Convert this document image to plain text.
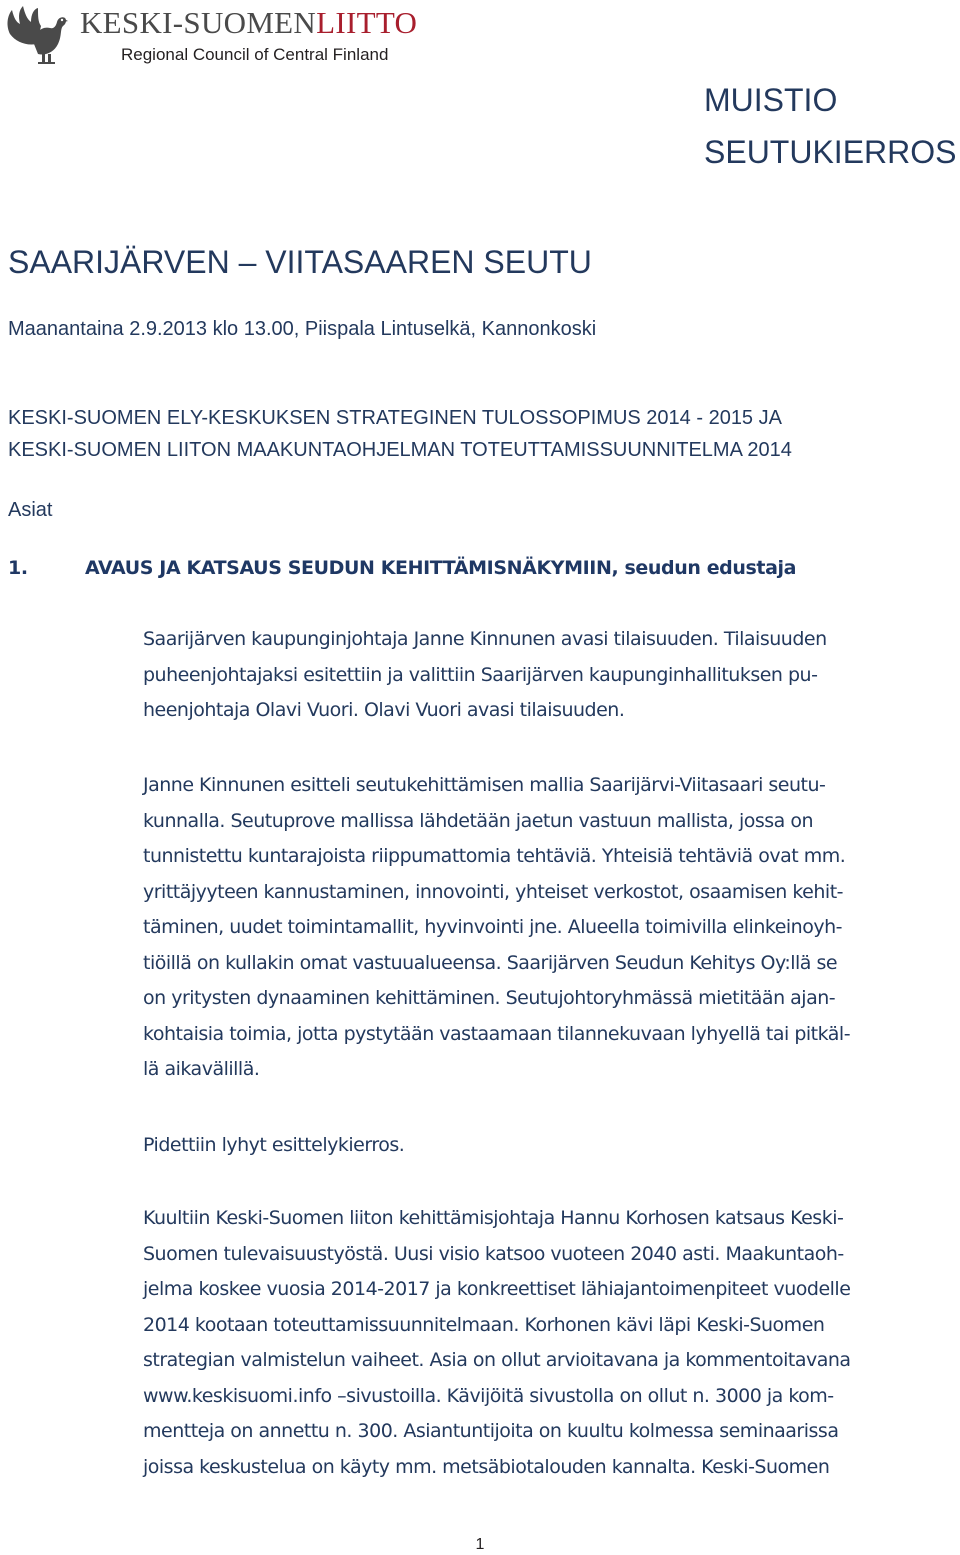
KESKI-SUOMENLIITTO
Regional Council of Central Finland
MUISTIO
SEUTUKIERROS
SAARIJÄRVEN – VIITASAAREN SEUTU
Maanantaina 2.9.2013 klo 13.00, Piispala Lintuselkä, Kannonkoski
KESKI-SUOMEN ELY-KESKUKSEN STRATEGINEN TULOSSOPIMUS 2014 - 2015 JA
KESKI-SUOMEN LIITON MAAKUNTAOHJELMAN TOTEUTTAMISSUUNNITELMA 2014
Asiat
1.	AVAUS JA KATSAUS SEUDUN KEHITTÄMISNÄKYMIIN, seudun edustaja
Saarijärven kaupunginjohtaja Janne Kinnunen avasi tilaisuuden. Tilaisuuden
puheenjohtajaksi esitettiin ja valittiin Saarijärven kaupunginhallituksen pu-
heenjohtaja Olavi Vuori. Olavi Vuori avasi tilaisuuden.
Janne Kinnunen esitteli seutukehittämisen mallia Saarijärvi-Viitasaari seutu-
kunnalla. Seutuprove mallissa lähdetään jaetun vastuun mallista, jossa on
tunnistettu kuntarajoista riippumattomia tehtäviä. Yhteisiä tehtäviä ovat mm.
yrittäjyyteen kannustaminen, innovointi, yhteiset verkostot, osaamisen kehit-
täminen, uudet toimintamallit, hyvinvointi jne. Alueella toimivilla elinkeinoyh-
tiöillä on kullakin omat vastuualueensa. Saarijärven Seudun Kehitys Oy:llä se
on yritysten dynaaminen kehittäminen. Seutujohtoryhmässä mietitään ajan-
kohtaisia toimia, jotta pystytään vastaamaan tilannekuvaan lyhyellä tai pitkäl-
lä aikavälillä.
Pidettiin lyhyt esittelykierros.
Kuultiin Keski-Suomen liiton kehittämisjohtaja Hannu Korhosen katsaus Keski-
Suomen tulevaisuustyöstä. Uusi visio katsoo vuoteen 2040 asti. Maakuntaoh-
jelma koskee vuosia 2014-2017 ja konkreettiset lähiajantoimenpiteet vuodelle
2014 kootaan toteuttamissuunnitelmaan. Korhonen kävi läpi Keski-Suomen
strategian valmistelun vaiheet. Asia on ollut arvioitavana ja kommentoitavana
www.keskisuomi.info –sivustoilla. Kävijöitä sivustolla on ollut n. 3000 ja kom-
mentteja on annettu n. 300. Asiantuntijoita on kuultu kolmessa seminaarissa
joissa keskustelua on käyty mm. metsäbiotalouden kannalta. Keski-Suomen
1
